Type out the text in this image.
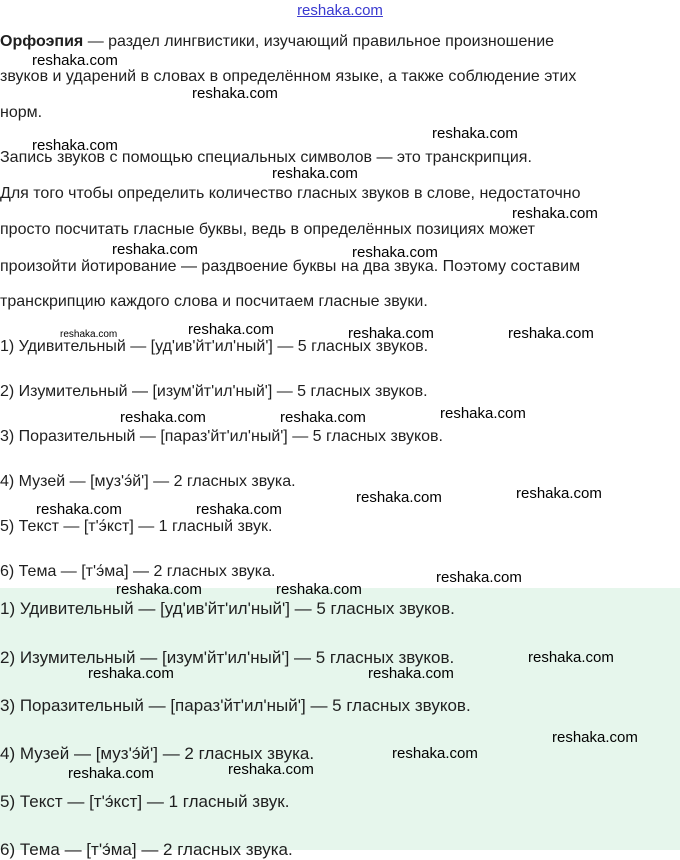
reshaka.com
Орфоэпия — раздел лингвистики, изучающий правильное произношение
звуков и ударений в словах в определённом языке, а также соблюдение этих
норм.
Запись звуков с помощью специальных символов — это транскрипция.
Для того чтобы определить количество гласных звуков в слове, недостаточно
просто посчитать гласные буквы, ведь в определённых позициях может
произойти йотирование — раздвоение буквы на два звука. Поэтому составим
транскрипцию каждого слова и посчитаем гласные звуки.
1) Удивительный — [уд'ив'йт'ил'ный'] — 5 гласных звуков.
2) Изумительный — [изум'йт'ил'ный'] — 5 гласных звуков.
3) Поразительный — [параз'йт'ил'ный'] — 5 гласных звуков.
4) Музей — [муз'э́й'] — 2 гласных звука.
5) Текст — [т'э́кст] — 1 гласный звук.
6) Тема — [т'э́ма] — 2 гласных звука.
1) Удивительный — [уд'ив'йт'ил'ный'] — 5 гласных звуков.
2) Изумительный — [изум'йт'ил'ный'] — 5 гласных звуков.
3) Поразительный — [параз'йт'ил'ный'] — 5 гласных звуков.
4) Музей — [муз'э́й'] — 2 гласных звука.
5) Текст — [т'э́кст] — 1 гласный звук.
6) Тема — [т'э́ма] — 2 гласных звука.
reshaka.com
reshaka.com
reshaka.com
reshaka.com
reshaka.com
reshaka.com
reshaka.com	reshaka.com
reshaka.com	reshaka.com	reshaka.com	reshaka.com
reshaka.com	reshaka.com	reshaka.com
reshaka.com	reshaka.com
reshaka.com	reshaka.com
reshaka.com
reshaka.com	reshaka.com
reshaka.com
reshaka.com	reshaka.com
reshaka.com
reshaka.com
reshaka.com	reshaka.com
